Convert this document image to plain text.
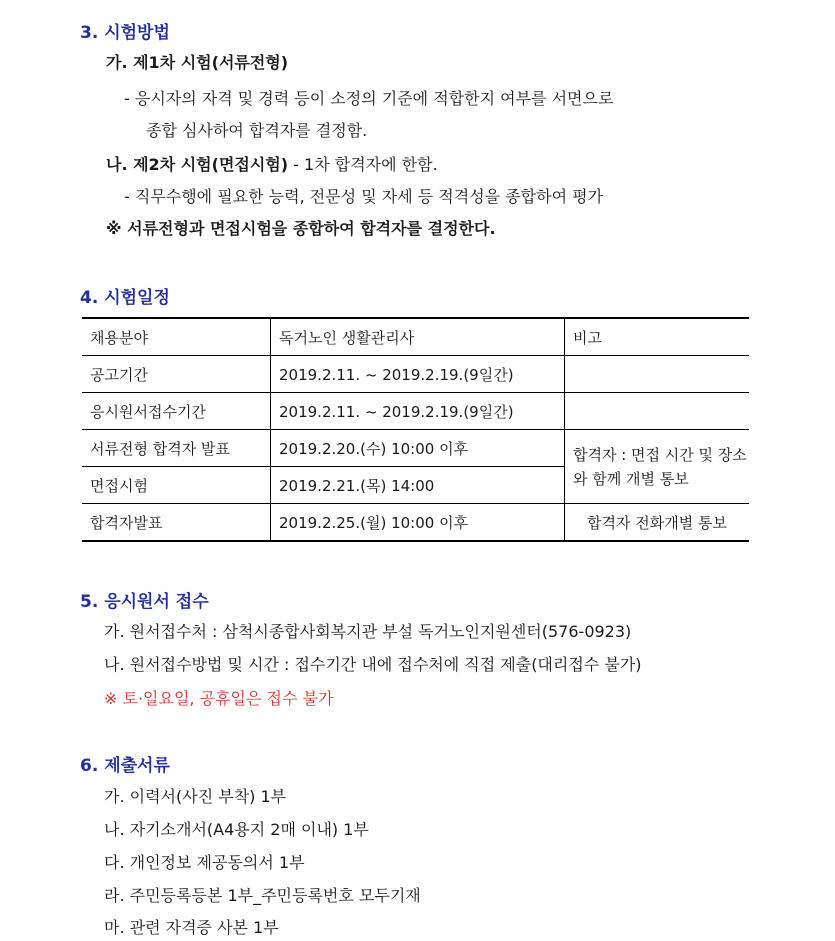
3. 시험방법
가. 제1차 시험(서류전형)
- 응시자의 자격 및 경력 등이 소정의 기준에 적합한지 여부를 서면으로
종합 심사하여 합격자를 결정함.
나. 제2차 시험(면접시험) - 1차 합격자에 한함.
- 직무수행에 필요한 능력, 전문성 및 자세 등 적격성을 종합하여 평가
※ 서류전형과 면접시험을 종합하여 합격자를 결정한다.
4. 시험일정
채용분야	독거노인 생활관리사	비고
공고기간	2019.2.11. ~ 2019.2.19.(9일간)	
응시원서접수기간	2019.2.11. ~ 2019.2.19.(9일간)	
서류전형 합격자 발표	2019.2.20.(수) 10:00 이후	합격자 : 면접 시간 및 장소와 함께 개별 통보
면접시험	2019.2.21.(목) 14:00	
합격자발표	2019.2.25.(월) 10:00 이후	합격자 전화개별 통보
5. 응시원서 접수
가. 원서접수처 : 삼척시종합사회복지관 부설 독거노인지원센터(576-0923)
나. 원서접수방법 및 시간 : 접수기간 내에 접수처에 직접 제출(대리접수 불가)
※ 토·일요일, 공휴일은 접수 불가
6. 제출서류
가. 이력서(사진 부착) 1부
나. 자기소개서(A4용지 2매 이내) 1부
다. 개인정보 제공동의서 1부
라. 주민등록등본 1부_주민등록번호 모두기재
마. 관련 자격증 사본 1부
